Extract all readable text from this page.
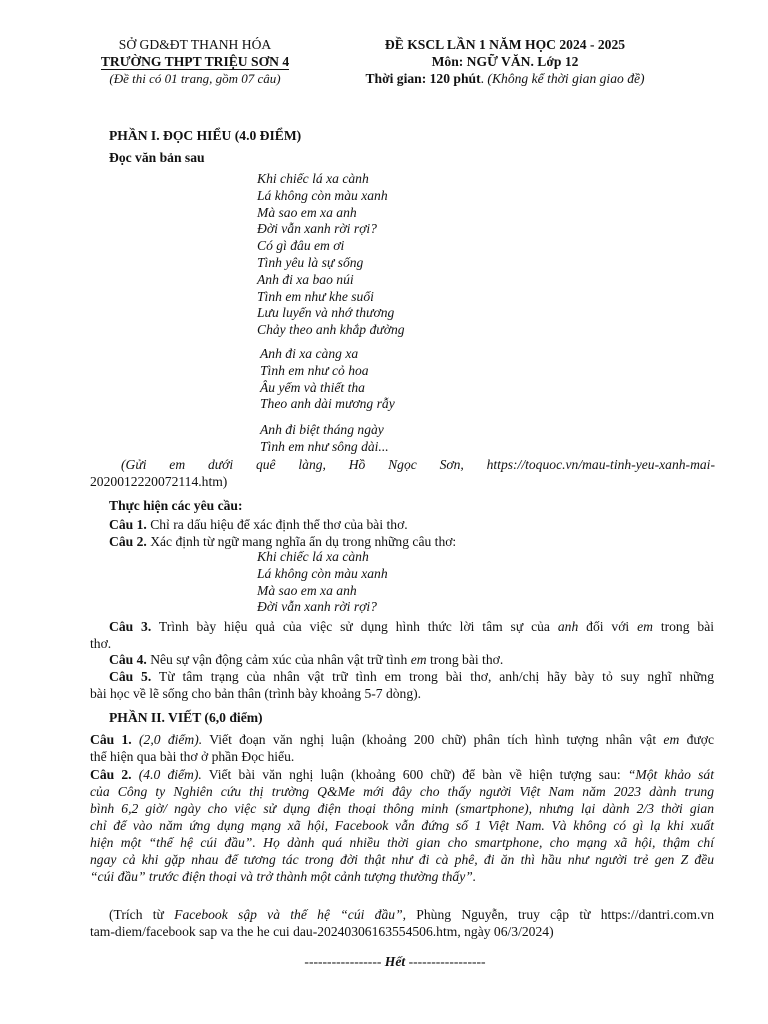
SỞ GD&ĐT THANH HÓA
TRƯỜNG THPT TRIỆU SƠN 4
(Đề thi có 01 trang, gồm 07 câu)
ĐỀ KSCL LẦN 1 NĂM HỌC 2024 - 2025
Môn: NGỮ VĂN. Lớp 12
Thời gian: 120 phút. (Không kể thời gian giao đề)
PHẦN I. ĐỌC HIỂU (4.0 ĐIỂM)
Đọc văn bản sau
Khi chiếc lá xa cành
Lá không còn màu xanh
Mà sao em xa anh
Đời vẫn xanh rời rợi?
Có gì đâu em ơi
Tình yêu là sự sống
Anh đi xa bao núi
Tình em như khe suối
Lưu luyến và nhớ thương
Chảy theo anh khắp đường
Anh đi xa càng xa
Tình em như cỏ hoa
Âu yếm và thiết tha
Theo anh dài mương rẫy
Anh đi biệt tháng ngày
Tình em như sông dài...
(Gửi em dưới quê làng, Hồ Ngọc Sơn, https://toquoc.vn/mau-tinh-yeu-xanh-mai-
2020012220072114.htm)
Thực hiện các yêu cầu:
Câu 1. Chỉ ra dấu hiệu để xác định thể thơ của bài thơ.
Câu 2. Xác định từ ngữ mang nghĩa ẩn dụ trong những câu thơ:
Khi chiếc lá xa cành
Lá không còn màu xanh
Mà sao em xa anh
Đời vẫn xanh rời rợi?
Câu 3. Trình bày hiệu quả của việc sử dụng hình thức lời tâm sự của anh đối với em trong bài
thơ.
Câu 4. Nêu sự vận động cảm xúc của nhân vật trữ tình em trong bài thơ.
Câu 5. Từ tâm trạng của nhân vật trữ tình em trong bài thơ, anh/chị hãy bày tỏ suy nghĩ những
bài học về lẽ sống cho bản thân (trình bày khoảng 5-7 dòng).
PHẦN II. VIẾT (6,0 điểm)
Câu 1. (2,0 điểm). Viết đoạn văn nghị luận (khoảng 200 chữ) phân tích hình tượng nhân vật em được
thể hiện qua bài thơ ở phần Đọc hiểu.
Câu 2. (4.0 điểm). Viết bài văn nghị luận (khoảng 600 chữ) để bàn về hiện tượng sau: “Một khảo sát
của Công ty Nghiên cứu thị trường Q&Me mới đây cho thấy người Việt Nam năm 2023 dành trung
bình 6,2 giờ/ ngày cho việc sử dụng điện thoại thông minh (smartphone), nhưng lại dành 2/3 thời gian
chỉ để vào năm ứng dụng mạng xã hội, Facebook vẫn đứng số 1 Việt Nam. Và không có gì lạ khi xuất
hiện một “thế hệ cúi đầu”. Họ dành quá nhiều thời gian cho smartphone, cho mạng xã hội, thậm chí
ngay cả khi gặp nhau để tương tác trong đời thật như đi cà phê, đi ăn thì hầu như người trẻ gen Z đều
“cúi đầu” trước điện thoại và trở thành một cảnh tượng thường thấy”.
(Trích từ Facebook sập và thế hệ “cúi đầu”, Phùng Nguyễn, truy cập từ https://dantri.com.vn
tam-diem/facebook sap va the he cui dau-20240306163554506.htm, ngày 06/3/2024)
----------------- Hết -----------------
